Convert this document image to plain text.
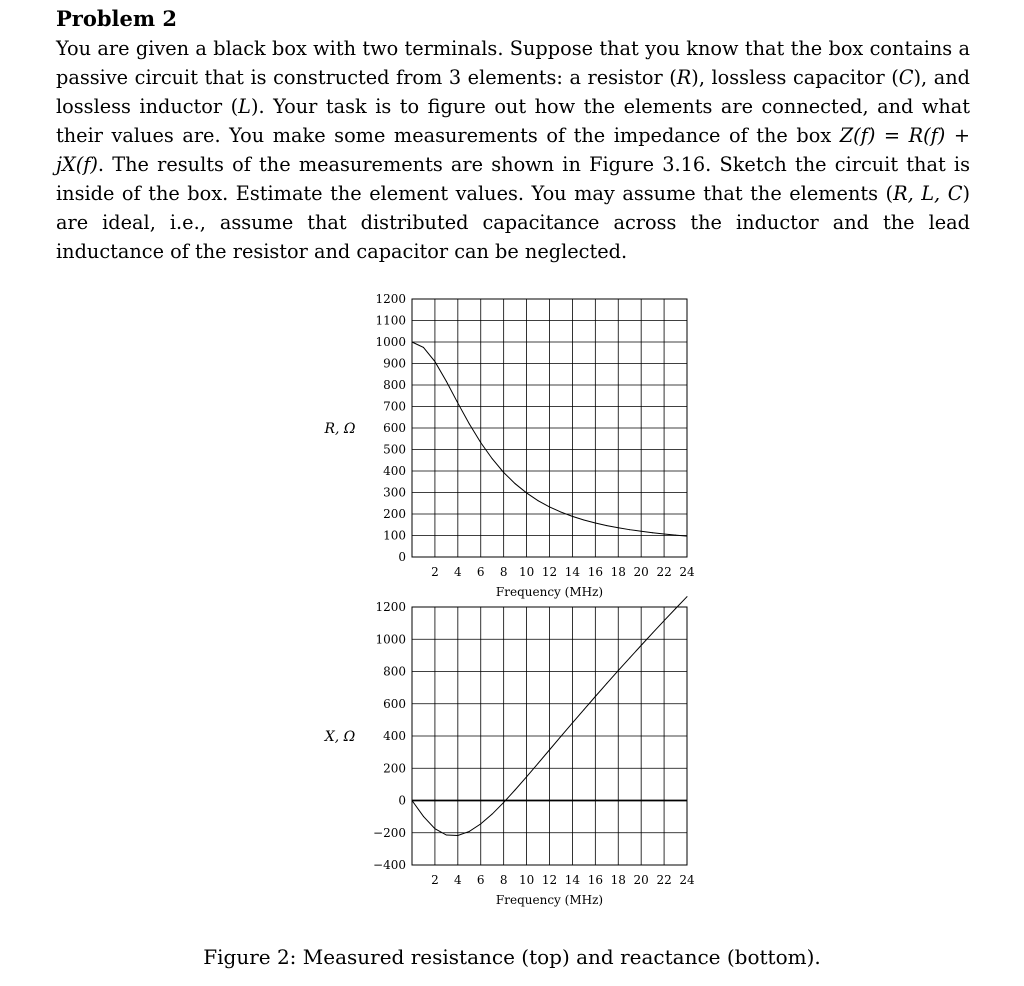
Problem 2

You are given a black box with two terminals. Suppose that you know that the box contains a passive circuit that is constructed from 3 elements: a resistor (R), lossless capacitor (C), and lossless inductor (L). Your task is to figure out how the elements are connected, and what their values are. You make some measurements of the impedance of the box Z(f) = R(f) + jX(f). The results of the measurements are shown in Figure 3.16. Sketch the circuit that is inside of the box. Estimate the element values. You may assume that the elements (R, L, C) are ideal, i.e., assume that distributed capacitance across the inductor and the lead inductance of the resistor and capacitor can be neglected.

0
100
200
300
400
500
600
700
800
900
1000
1100
1200
2 4 6 8 10 12 14 16 18 20 22 24
Frequency (MHz)
R, Ω
−400
−200
0
200
400
600
800
1000
1200
2 4 6 8 10 12 14 16 18 20 22 24
Frequency (MHz)
X, Ω
Figure 2: Measured resistance (top) and reactance (bottom).
